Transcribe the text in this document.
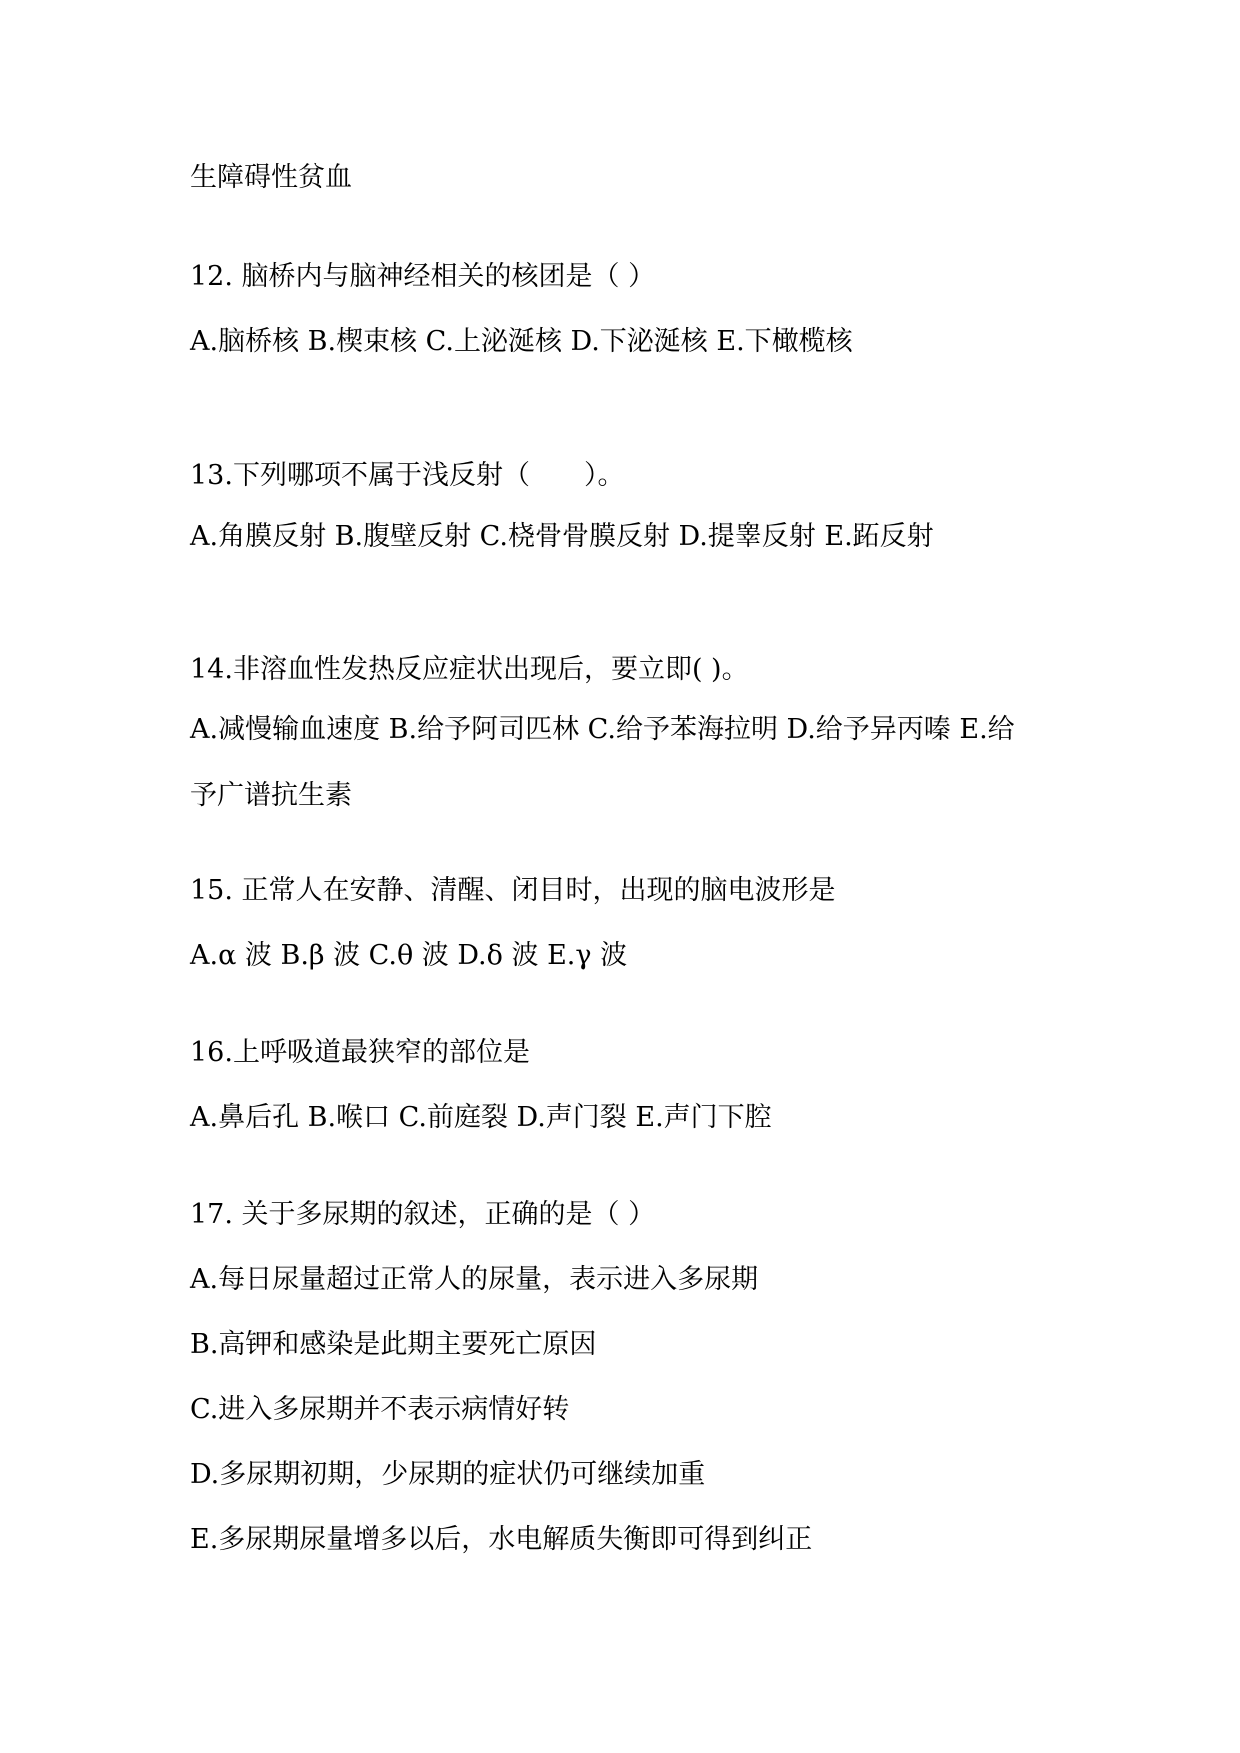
生障碍性贫血
12. 脑桥内与脑神经相关的核团是（ ）
A.脑桥核 B.楔束核 C.上泌涎核 D.下泌涎核 E.下橄榄核
13.下列哪项不属于浅反射（　　）。
A.角膜反射 B.腹壁反射 C.桡骨骨膜反射 D.提睾反射 E.跖反射
14.非溶血性发热反应症状出现后，要立即( )。
A.减慢输血速度 B.给予阿司匹林 C.给予苯海拉明 D.给予异丙嗪 E.给
予广谱抗生素
15. 正常人在安静、清醒、闭目时，出现的脑电波形是
A.α 波 B.β 波 C.θ 波 D.δ 波 E.γ 波
16.上呼吸道最狭窄的部位是
A.鼻后孔 B.喉口 C.前庭裂 D.声门裂 E.声门下腔
17. 关于多尿期的叙述，正确的是（ ）
A.每日尿量超过正常人的尿量，表示进入多尿期
B.高钾和感染是此期主要死亡原因
C.进入多尿期并不表示病情好转
D.多尿期初期，少尿期的症状仍可继续加重
E.多尿期尿量增多以后，水电解质失衡即可得到纠正
